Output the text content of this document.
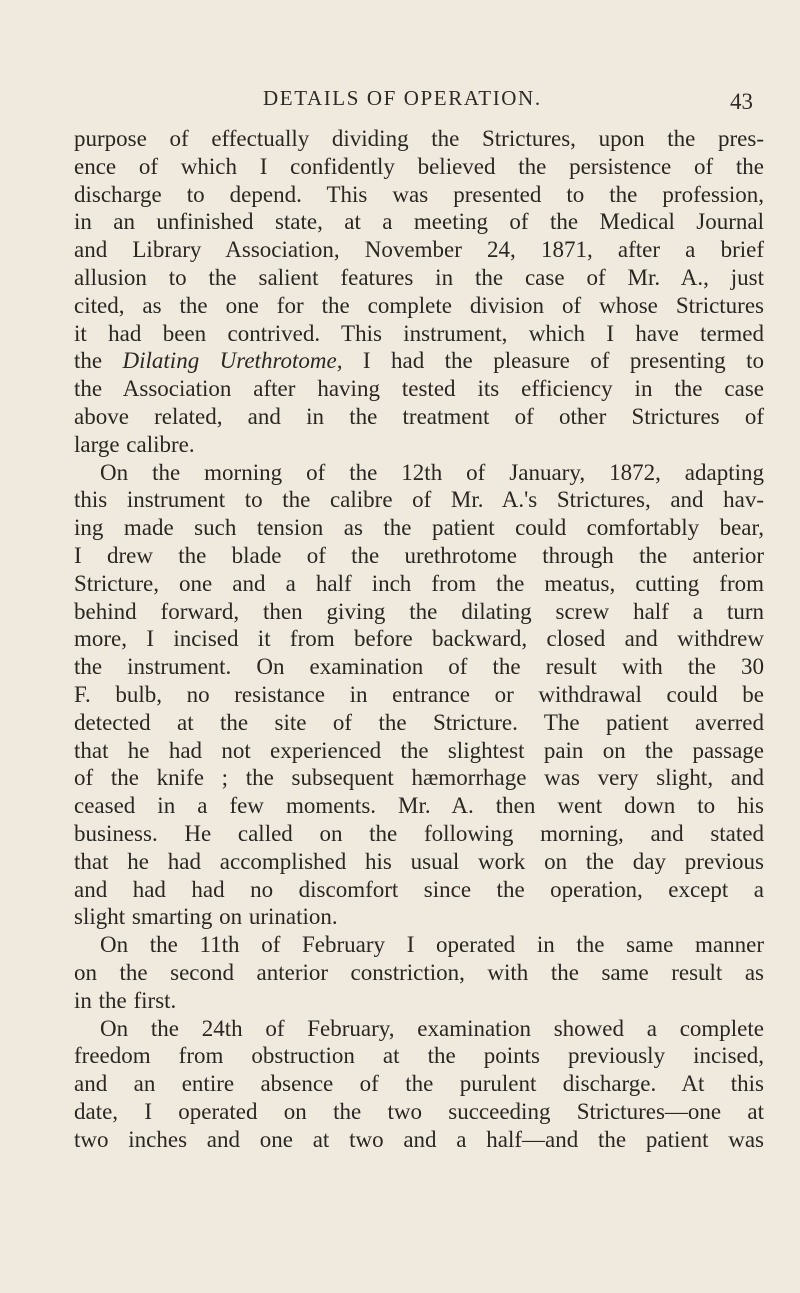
DETAILS OF OPERATION.	43

purpose of effectually dividing the Strictures, upon the pres-
ence of which I confidently believed the persistence of the
discharge to depend. This was presented to the profession,
in an unfinished state, at a meeting of the Medical Journal
and Library Association, November 24, 1871, after a brief
allusion to the salient features in the case of Mr. A., just
cited, as the one for the complete division of whose Strictures
it had been contrived. This instrument, which I have termed
the Dilating Urethrotome, I had the pleasure of presenting to
the Association after having tested its efficiency in the case
above related, and in the treatment of other Strictures of
large calibre.

On the morning of the 12th of January, 1872, adapting
this instrument to the calibre of Mr. A.'s Strictures, and hav-
ing made such tension as the patient could comfortably bear,
I drew the blade of the urethrotome through the anterior
Stricture, one and a half inch from the meatus, cutting from
behind forward, then giving the dilating screw half a turn
more, I incised it from before backward, closed and withdrew
the instrument. On examination of the result with the 30
F. bulb, no resistance in entrance or withdrawal could be
detected at the site of the Stricture. The patient averred
that he had not experienced the slightest pain on the passage
of the knife ; the subsequent hæmorrhage was very slight, and
ceased in a few moments. Mr. A. then went down to his
business. He called on the following morning, and stated
that he had accomplished his usual work on the day previous
and had had no discomfort since the operation, except a
slight smarting on urination.

On the 11th of February I operated in the same manner
on the second anterior constriction, with the same result as
in the first.

On the 24th of February, examination showed a complete
freedom from obstruction at the points previously incised,
and an entire absence of the purulent discharge. At this
date, I operated on the two succeeding Strictures—one at
two inches and one at two and a half—and the patient was
